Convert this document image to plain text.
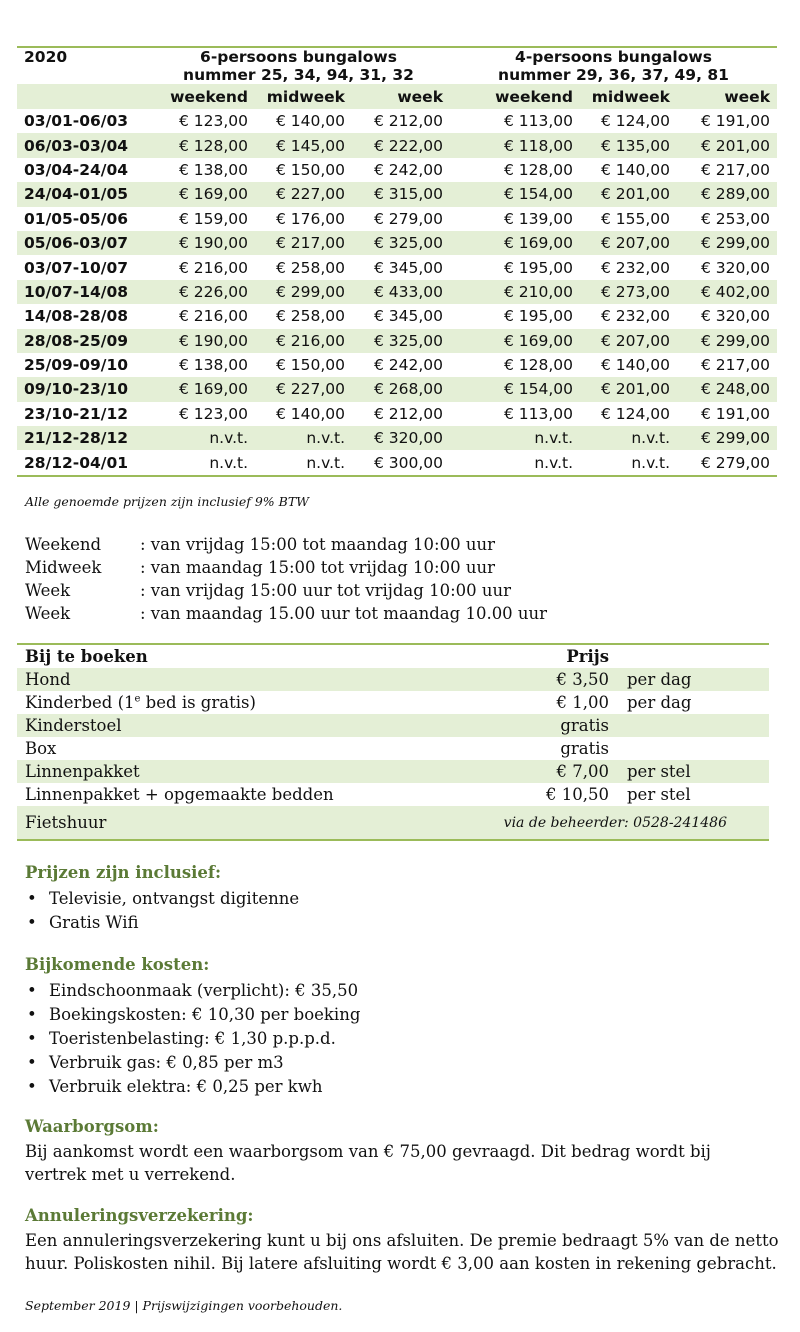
2020	6-persoons bungalows
nummer 25, 34, 94, 31, 32			4-persoons bungalows
nummer 29, 36, 37, 49, 81		
	weekend	midweek	week	weekend	midweek	week
03/01-06/03	€ 123,00	€ 140,00	€ 212,00	€ 113,00	€ 124,00	€ 191,00
06/03-03/04	€ 128,00	€ 145,00	€ 222,00	€ 118,00	€ 135,00	€ 201,00
03/04-24/04	€ 138,00	€ 150,00	€ 242,00	€ 128,00	€ 140,00	€ 217,00
24/04-01/05	€ 169,00	€ 227,00	€ 315,00	€ 154,00	€ 201,00	€ 289,00
01/05-05/06	€ 159,00	€ 176,00	€ 279,00	€ 139,00	€ 155,00	€ 253,00
05/06-03/07	€ 190,00	€ 217,00	€ 325,00	€ 169,00	€ 207,00	€ 299,00
03/07-10/07	€ 216,00	€ 258,00	€ 345,00	€ 195,00	€ 232,00	€ 320,00
10/07-14/08	€ 226,00	€ 299,00	€ 433,00	€ 210,00	€ 273,00	€ 402,00
14/08-28/08	€ 216,00	€ 258,00	€ 345,00	€ 195,00	€ 232,00	€ 320,00
28/08-25/09	€ 190,00	€ 216,00	€ 325,00	€ 169,00	€ 207,00	€ 299,00
25/09-09/10	€ 138,00	€ 150,00	€ 242,00	€ 128,00	€ 140,00	€ 217,00
09/10-23/10	€ 169,00	€ 227,00	€ 268,00	€ 154,00	€ 201,00	€ 248,00
23/10-21/12	€ 123,00	€ 140,00	€ 212,00	€ 113,00	€ 124,00	€ 191,00
21/12-28/12	n.v.t.	n.v.t.	€ 320,00	n.v.t.	n.v.t.	€ 299,00
28/12-04/01	n.v.t.	n.v.t.	€ 300,00	n.v.t.	n.v.t.	€ 279,00
Alle genoemde prijzen zijn inclusief 9% BTW
Weekend	: van vrijdag 15:00 tot maandag 10:00 uur
Midweek	: van maandag 15:00 tot vrijdag 10:00 uur
Week	: van vrijdag 15:00 uur tot vrijdag 10:00 uur
Week	: van maandag 15.00 uur tot maandag 10.00 uur
Bij te boeken	Prijs	
Hond	€ 3,50	per dag
Kinderbed (1e bed is gratis)	€ 1,00	per dag
Kinderstoel	gratis	
Box	gratis	
Linnenpakket	€ 7,00	per stel
Linnenpakket + opgemaakte bedden	€ 10,50	per stel
Fietshuur	via de beheerder: 0528-241486	
Prijzen zijn inclusief:
• Televisie, ontvangst digitenne
• Gratis Wifi
Bijkomende kosten:
• Eindschoonmaak (verplicht): € 35,50
• Boekingskosten: € 10,30 per boeking
• Toeristenbelasting: € 1,30 p.p.p.d.
• Verbruik gas: € 0,85 per m3
• Verbruik elektra: € 0,25 per kwh
Waarborgsom:

Bij aankomst wordt een waarborgsom van € 75,00 gevraagd. Dit bedrag wordt bij
vertrek met u verrekend.

Annuleringsverzekering:

Een annuleringsverzekering kunt u bij ons afsluiten. De premie bedraagt 5% van de netto
huur. Poliskosten nihil. Bij latere afsluiting wordt € 3,00 aan kosten in rekening gebracht.

September 2019 | Prijswijzigingen voorbehouden.
